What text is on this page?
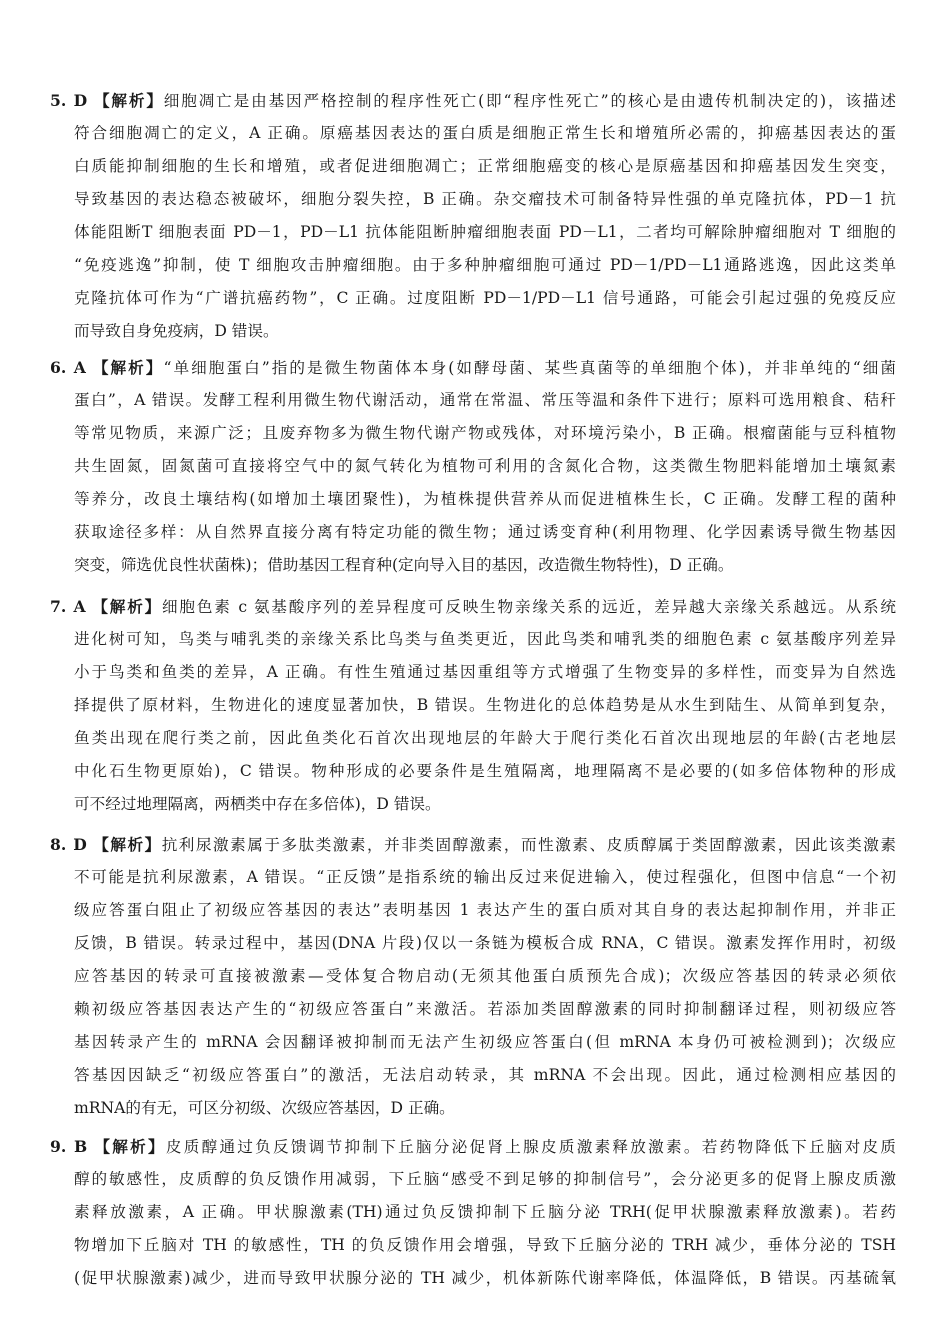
5. D 【解析】细胞凋亡是由基因严格控制的程序性死亡(即“程序性死亡”的核心是由遗传机制决定的)，该描述
符合细胞凋亡的定义，A 正确。原癌基因表达的蛋白质是细胞正常生长和增殖所必需的，抑癌基因表达的蛋
白质能抑制细胞的生长和增殖，或者促进细胞凋亡；正常细胞癌变的核心是原癌基因和抑癌基因发生突变，
导致基因的表达稳态被破坏，细胞分裂失控，B 正确。杂交瘤技术可制备特异性强的单克隆抗体，PD－1 抗
体能阻断T 细胞表面 PD－1，PD－L1 抗体能阻断肿瘤细胞表面 PD－L1，二者均可解除肿瘤细胞对 T 细胞的
“免疫逃逸”抑制，使 T 细胞攻击肿瘤细胞。由于多种肿瘤细胞可通过 PD－1/PD－L1通路逃逸，因此这类单
克隆抗体可作为“广谱抗癌药物”，C 正确。过度阻断 PD－1/PD－L1 信号通路，可能会引起过强的免疫反应
而导致自身免疫病，D 错误。
6. A 【解析】“单细胞蛋白”指的是微生物菌体本身(如酵母菌、某些真菌等的单细胞个体)，并非单纯的“细菌
蛋白”，A 错误。发酵工程利用微生物代谢活动，通常在常温、常压等温和条件下进行；原料可选用粮食、秸秆
等常见物质，来源广泛；且废弃物多为微生物代谢产物或残体，对环境污染小，B 正确。根瘤菌能与豆科植物
共生固氮，固氮菌可直接将空气中的氮气转化为植物可利用的含氮化合物，这类微生物肥料能增加土壤氮素
等养分，改良土壤结构(如增加土壤团聚性)，为植株提供营养从而促进植株生长，C 正确。发酵工程的菌种
获取途径多样：从自然界直接分离有特定功能的微生物；通过诱变育种(利用物理、化学因素诱导微生物基因
突变，筛选优良性状菌株)；借助基因工程育种(定向导入目的基因，改造微生物特性)，D 正确。
7. A 【解析】细胞色素 c 氨基酸序列的差异程度可反映生物亲缘关系的远近，差异越大亲缘关系越远。从系统
进化树可知，鸟类与哺乳类的亲缘关系比鸟类与鱼类更近，因此鸟类和哺乳类的细胞色素 c 氨基酸序列差异
小于鸟类和鱼类的差异，A 正确。有性生殖通过基因重组等方式增强了生物变异的多样性，而变异为自然选
择提供了原材料，生物进化的速度显著加快，B 错误。生物进化的总体趋势是从水生到陆生、从简单到复杂，
鱼类出现在爬行类之前，因此鱼类化石首次出现地层的年龄大于爬行类化石首次出现地层的年龄(古老地层
中化石生物更原始)，C 错误。物种形成的必要条件是生殖隔离，地理隔离不是必要的(如多倍体物种的形成
可不经过地理隔离，两栖类中存在多倍体)，D 错误。
8. D 【解析】抗利尿激素属于多肽类激素，并非类固醇激素，而性激素、皮质醇属于类固醇激素，因此该类激素
不可能是抗利尿激素，A 错误。“正反馈”是指系统的输出反过来促进输入，使过程强化，但图中信息“一个初
级应答蛋白阻止了初级应答基因的表达”表明基因 1 表达产生的蛋白质对其自身的表达起抑制作用，并非正
反馈，B 错误。转录过程中，基因(DNA 片段)仅以一条链为模板合成 RNA，C 错误。激素发挥作用时，初级
应答基因的转录可直接被激素—受体复合物启动(无须其他蛋白质预先合成)；次级应答基因的转录必须依
赖初级应答基因表达产生的“初级应答蛋白”来激活。若添加类固醇激素的同时抑制翻译过程，则初级应答
基因转录产生的 mRNA 会因翻译被抑制而无法产生初级应答蛋白(但 mRNA 本身仍可被检测到)；次级应
答基因因缺乏“初级应答蛋白”的激活，无法启动转录，其 mRNA 不会出现。因此，通过检测相应基因的
mRNA的有无，可区分初级、次级应答基因，D 正确。
9. B 【解析】皮质醇通过负反馈调节抑制下丘脑分泌促肾上腺皮质激素释放激素。若药物降低下丘脑对皮质
醇的敏感性，皮质醇的负反馈作用减弱，下丘脑“感受不到足够的抑制信号”，会分泌更多的促肾上腺皮质激
素释放激素，A 正确。甲状腺激素(TH)通过负反馈抑制下丘脑分泌 TRH(促甲状腺激素释放激素)。若药
物增加下丘脑对 TH 的敏感性，TH 的负反馈作用会增强，导致下丘脑分泌的 TRH 减少，垂体分泌的 TSH
(促甲状腺激素)减少，进而导致甲状腺分泌的 TH 减少，机体新陈代谢率降低，体温降低，B 错误。丙基硫氧
